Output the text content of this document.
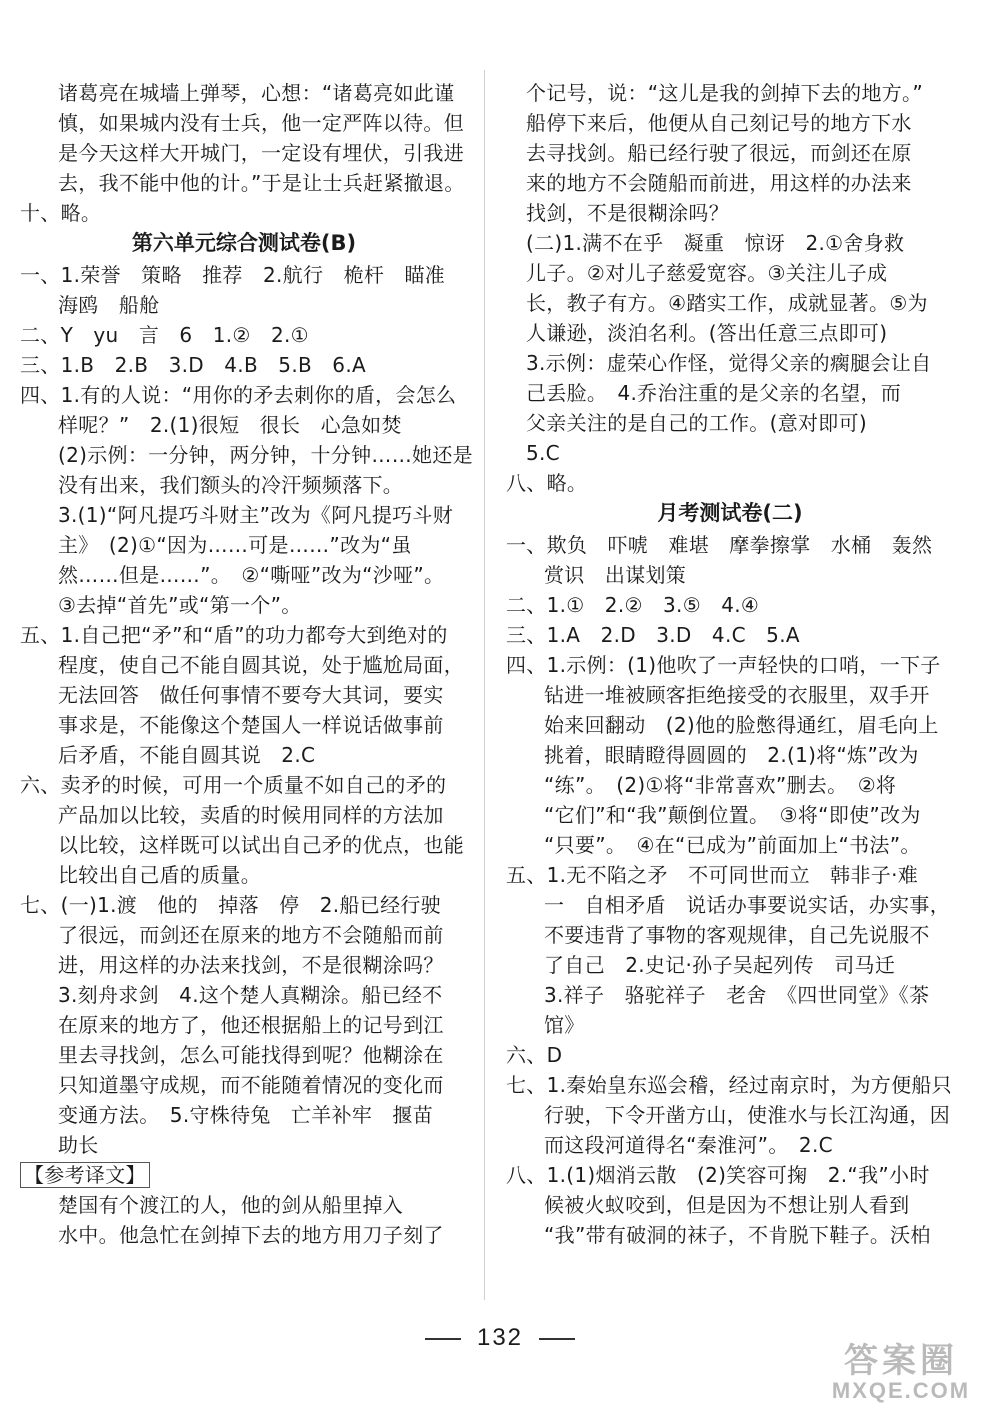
诸葛亮在城墙上弹琴，心想：“诸葛亮如此谨
慎，如果城内没有士兵，他一定严阵以待。但
是今天这样大开城门，一定设有埋伏，引我进
去，我不能中他的计。”于是让士兵赶紧撤退。
十、略。
第六单元综合测试卷(B)
一、1.荣誉　策略　推荐　2.航行　桅杆　瞄准
海鸥　船舱
二、Y　yu　言　6　1.②　2.①
三、1.B　2.B　3.D　4.B　5.B　6.A
四、1.有的人说：“用你的矛去刺你的盾，会怎么
样呢？”　2.(1)很短　很长　心急如焚
(2)示例：一分钟，两分钟，十分钟……她还是
没有出来，我们额头的冷汗频频落下。
3.(1)“阿凡提巧斗财主”改为《阿凡提巧斗财
主》　(2)①“因为……可是……”改为“虽
然……但是……”。　②“嘶哑”改为“沙哑”。
③去掉“首先”或“第一个”。
五、1.自己把“矛”和“盾”的功力都夸大到绝对的
程度，使自己不能自圆其说，处于尴尬局面，
无法回答　做任何事情不要夸大其词，要实
事求是，不能像这个楚国人一样说话做事前
后矛盾，不能自圆其说　2.C
六、卖矛的时候，可用一个质量不如自己的矛的
产品加以比较，卖盾的时候用同样的方法加
以比较，这样既可以试出自己矛的优点，也能
比较出自己盾的质量。
七、(一)1.渡　他的　掉落　停　2.船已经行驶
了很远，而剑还在原来的地方不会随船而前
进，用这样的办法来找剑，不是很糊涂吗？
3.刻舟求剑　4.这个楚人真糊涂。船已经不
在原来的地方了，他还根据船上的记号到江
里去寻找剑，怎么可能找得到呢？他糊涂在
只知道墨守成规，而不能随着情况的变化而
变通方法。　5.守株待兔　亡羊补牢　揠苗
助长
【参考译文】
楚国有个渡江的人，他的剑从船里掉入
水中。他急忙在剑掉下去的地方用刀子刻了
个记号，说：“这儿是我的剑掉下去的地方。”
船停下来后，他便从自己刻记号的地方下水
去寻找剑。船已经行驶了很远，而剑还在原
来的地方不会随船而前进，用这样的办法来
找剑，不是很糊涂吗？
(二)1.满不在乎　凝重　惊讶　2.①舍身救
儿子。②对儿子慈爱宽容。③关注儿子成
长，教子有方。④踏实工作，成就显著。⑤为
人谦逊，淡泊名利。(答出任意三点即可)
3.示例：虚荣心作怪，觉得父亲的瘸腿会让自
己丢脸。　4.乔治注重的是父亲的名望，而
父亲关注的是自己的工作。(意对即可)
5.C
八、略。
月考测试卷(二)
一、欺负　吓唬　难堪　摩拳擦掌　水桶　轰然
赏识　出谋划策
二、1.①　2.②　3.⑤　4.④
三、1.A　2.D　3.D　4.C　5.A
四、1.示例：(1)他吹了一声轻快的口哨，一下子
钻进一堆被顾客拒绝接受的衣服里，双手开
始来回翻动　(2)他的脸憋得通红，眉毛向上
挑着，眼睛瞪得圆圆的　2.(1)将“炼”改为
“练”。　(2)①将“非常喜欢”删去。　②将
“它们”和“我”颠倒位置。　③将“即使”改为
“只要”。　④在“已成为”前面加上“书法”。
五、1.无不陷之矛　不可同世而立　韩非子·难
一　自相矛盾　说话办事要说实话，办实事，
不要违背了事物的客观规律，自己先说服不
了自己　2.史记·孙子吴起列传　司马迁
3.祥子　骆驼祥子　老舍　《四世同堂》《茶
馆》
六、D
七、1.秦始皇东巡会稽，经过南京时，为方便船只
行驶，下令开凿方山，使淮水与长江沟通，因
而这段河道得名“秦淮河”。　2.C
八、1.(1)烟消云散　(2)笑容可掬　2.“我”小时
候被火蚁咬到，但是因为不想让别人看到
“我”带有破洞的袜子，不肯脱下鞋子。沃柏
132
答案圈
MXQE.COM
